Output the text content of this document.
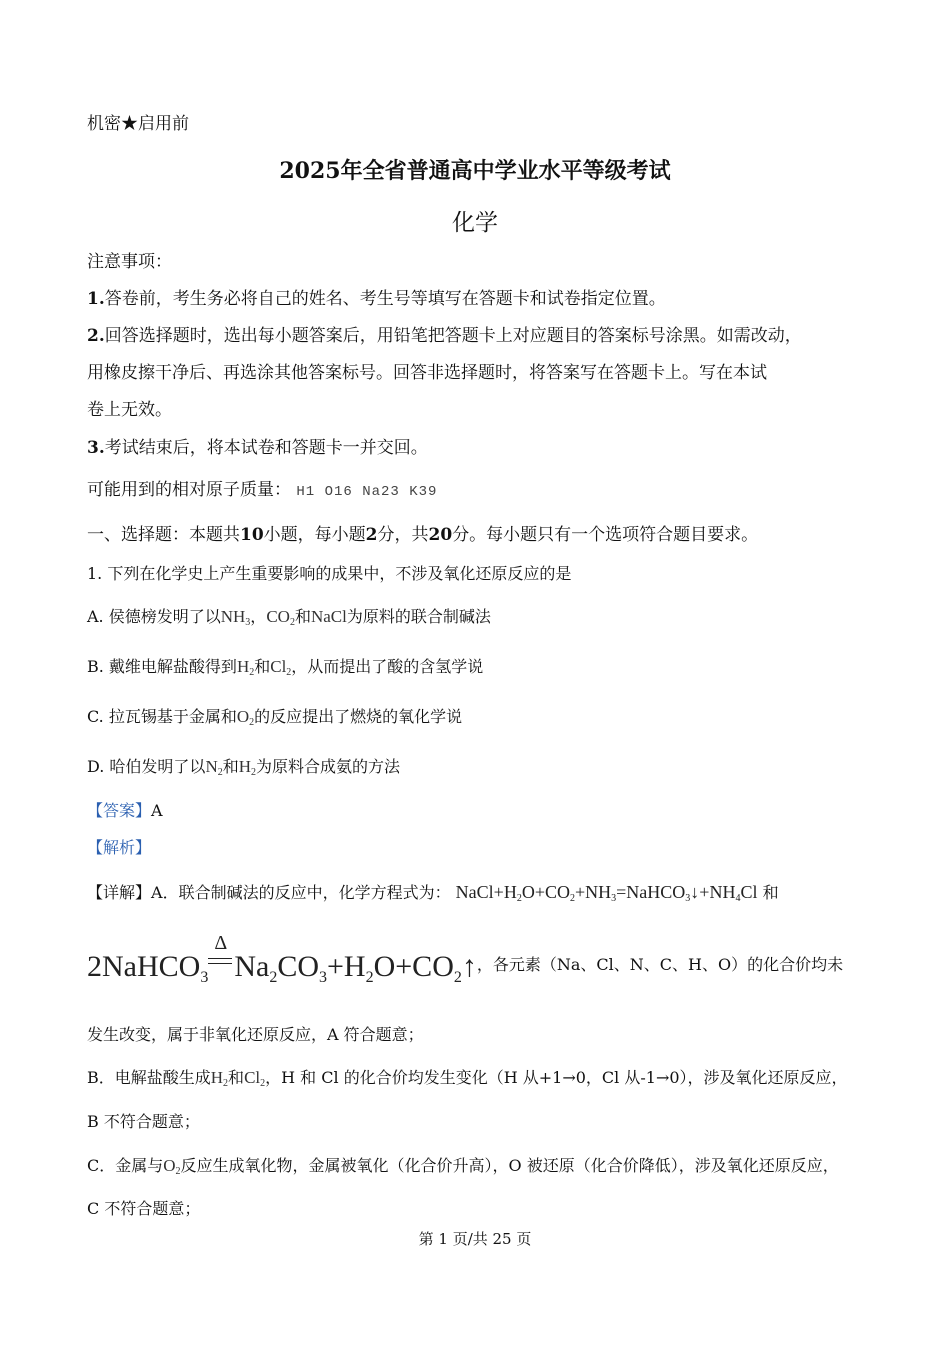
机密★启用前
2025年全省普通高中学业水平等级考试
化学
注意事项：
1.答卷前，考生务必将自己的姓名、考生号等填写在答题卡和试卷指定位置。
2.回答选择题时，选出每小题答案后，用铅笔把答题卡上对应题目的答案标号涂黑。如需改动，
用橡皮擦干净后、再选涂其他答案标号。回答非选择题时，将答案写在答题卡上。写在本试
卷上无效。
3.考试结束后，将本试卷和答题卡一并交回。
可能用到的相对原子质量： H1 O16 Na23 K39
一、选择题：本题共10小题，每小题2分，共20分。每小题只有一个选项符合题目要求。
1. 下列在化学史上产生重要影响的成果中，不涉及氧化还原反应的是
A. 侯德榜发明了以$NH_3$，$CO_2$和NaCl为原料的联合制碱法
B. 戴维电解盐酸得到$H_2$和$Cl_2$，从而提出了酸的含氢学说
C. 拉瓦锡基于金属和$O_2$的反应提出了燃烧的氧化学说
D. 哈伯发明了以$N_2$和$H_2$为原料合成氨的方法
【答案】A
【解析】
【详解】A．联合制碱法的反应中，化学方程式为： $NaCl+H_2O+CO_2+NH_3=NaHCO_3↓+NH_4Cl$ 和
2NaHCO$_3$
Δ
$Na_2CO_3+H_2O+CO_2↑$，各元素（Na、Cl、N、C、H、O）的化合价均未
发生改变，属于非氧化还原反应，A 符合题意；
B．电解盐酸生成$H_2$和$Cl_2$，H 和 Cl 的化合价均发生变化（H 从+1→0，Cl 从-1→0），涉及氧化还原反应，
B 不符合题意；
C．金属与$O_2$反应生成氧化物，金属被氧化（化合价升高），O 被还原（化合价降低），涉及氧化还原反应，
C 不符合题意；
第 1 页/共 25 页
